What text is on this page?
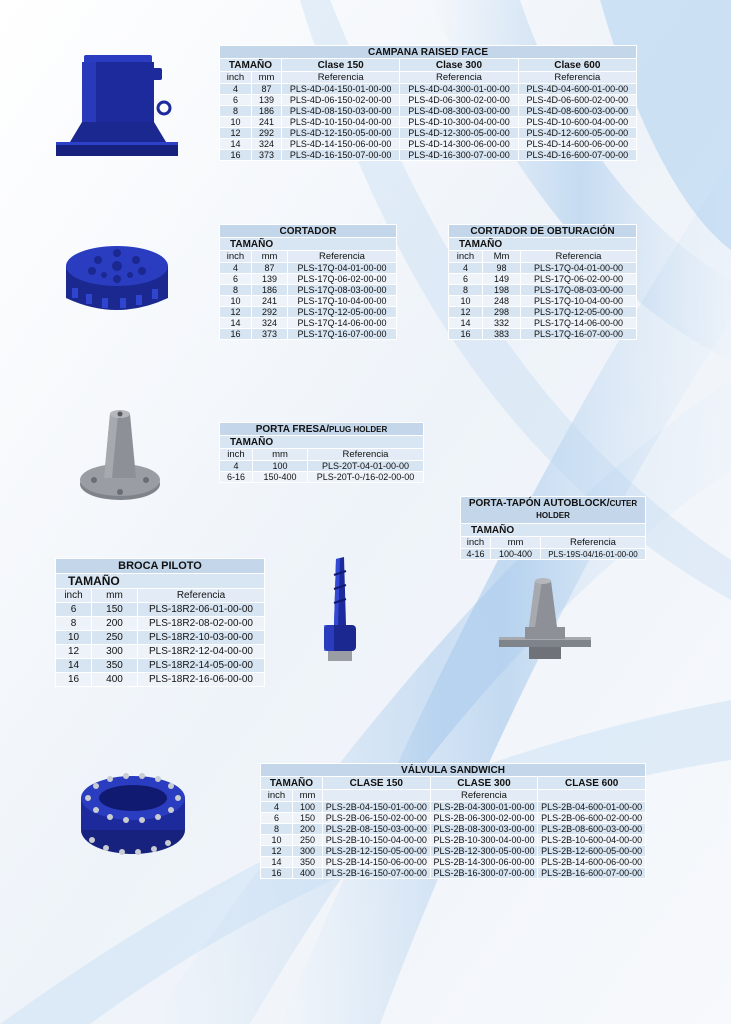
CAMPANA RAISED FACE				
TAMAÑO		Clase 150	Clase 300	Clase 600
inch	mm	Referencia	Referencia	Referencia
4	87	PLS-4D-04-150-01-00-00	PLS-4D-04-300-01-00-00	PLS-4D-04-600-01-00-00
6	139	PLS-4D-06-150-02-00-00	PLS-4D-06-300-02-00-00	PLS-4D-06-600-02-00-00
8	186	PLS-4D-08-150-03-00-00	PLS-4D-08-300-03-00-00	PLS-4D-08-600-03-00-00
10	241	PLS-4D-10-150-04-00-00	PLS-4D-10-300-04-00-00	PLS-4D-10-600-04-00-00
12	292	PLS-4D-12-150-05-00-00	PLS-4D-12-300-05-00-00	PLS-4D-12-600-05-00-00
14	324	PLS-4D-14-150-06-00-00	PLS-4D-14-300-06-00-00	PLS-4D-14-600-06-00-00
16	373	PLS-4D-16-150-07-00-00	PLS-4D-16-300-07-00-00	PLS-4D-16-600-07-00-00
CORTADOR		
TAMAÑO		
inch	mm	Referencia
4	87	PLS-17Q-04-01-00-00
6	139	PLS-17Q-06-02-00-00
8	186	PLS-17Q-08-03-00-00
10	241	PLS-17Q-10-04-00-00
12	292	PLS-17Q-12-05-00-00
14	324	PLS-17Q-14-06-00-00
16	373	PLS-17Q-16-07-00-00
CORTADOR DE OBTURACIÓN		
TAMAÑO		
inch	Mm	Referencia
4	98	PLS-17Q-04-01-00-00
6	149	PLS-17Q-06-02-00-00
8	198	PLS-17Q-08-03-00-00
10	248	PLS-17Q-10-04-00-00
12	298	PLS-17Q-12-05-00-00
14	332	PLS-17Q-14-06-00-00
16	383	PLS-17Q-16-07-00-00
PORTA FRESA/PLUG HOLDER		
TAMAÑO		
inch	mm	Referencia
4	100	PLS-20T-04-01-00-00
6-16	150-400	PLS-20T-0-/16-02-00-00
PORTA-TAPÓN AUTOBLOCK/CUTER HOLDER		
TAMAÑO		
inch	mm	Referencia
4-16	100-400	PLS-19S-04/16-01-00-00
BROCA PILOTO		
TAMAÑO		
inch	mm	Referencia
6	150	PLS-18R2-06-01-00-00
8	200	PLS-18R2-08-02-00-00
10	250	PLS-18R2-10-03-00-00
12	300	PLS-18R2-12-04-00-00
14	350	PLS-18R2-14-05-00-00
16	400	PLS-18R2-16-06-00-00
VÁLVULA SANDWICH				
TAMAÑO		CLASE 150	CLASE 300	CLASE 600
inch	mm		Referencia	
4	100	PLS-2B-04-150-01-00-00	PLS-2B-04-300-01-00-00	PLS-2B-04-600-01-00-00
6	150	PLS-2B-06-150-02-00-00	PLS-2B-06-300-02-00-00	PLS-2B-06-600-02-00-00
8	200	PLS-2B-08-150-03-00-00	PLS-2B-08-300-03-00-00	PLS-2B-08-600-03-00-00
10	250	PLS-2B-10-150-04-00-00	PLS-2B-10-300-04-00-00	PLS-2B-10-600-04-00-00
12	300	PLS-2B-12-150-05-00-00	PLS-2B-12-300-05-00-00	PLS-2B-12-600-05-00-00
14	350	PLS-2B-14-150-06-00-00	PLS-2B-14-300-06-00-00	PLS-2B-14-600-06-00-00
16	400	PLS-2B-16-150-07-00-00	PLS-2B-16-300-07-00-00	PLS-2B-16-600-07-00-00
